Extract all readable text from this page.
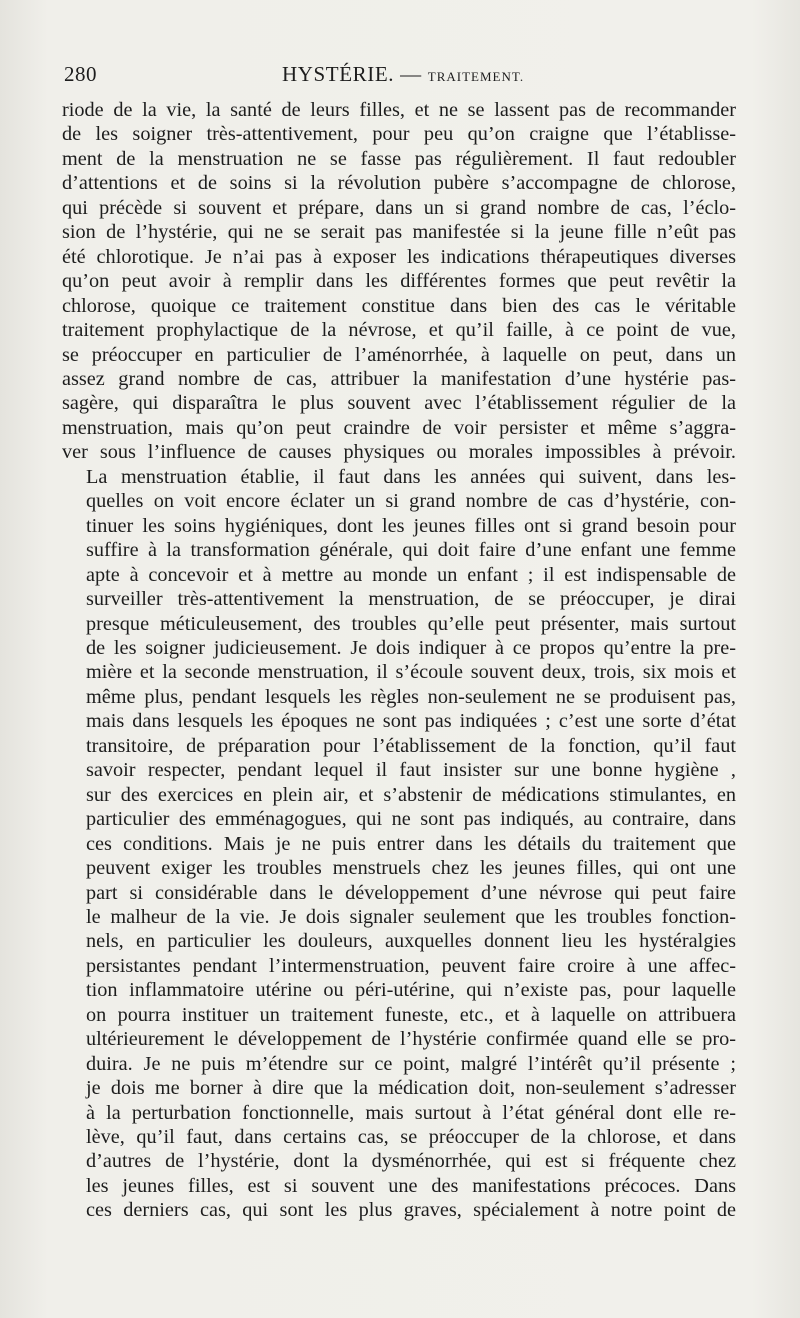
280	HYSTÉRIE. — TRAITEMENT.

riode de la vie, la santé de leurs filles, et ne se lassent pas de recommander
de les soigner très-attentivement, pour peu qu’on craigne que l’établisse-
ment de la menstruation ne se fasse pas régulièrement. Il faut redoubler
d’attentions et de soins si la révolution pubère s’accompagne de chlorose,
qui précède si souvent et prépare, dans un si grand nombre de cas, l’éclo-
sion de l’hystérie, qui ne se serait pas manifestée si la jeune fille n’eût pas
été chlorotique. Je n’ai pas à exposer les indications thérapeutiques diverses
qu’on peut avoir à remplir dans les différentes formes que peut revêtir la
chlorose, quoique ce traitement constitue dans bien des cas le véritable
traitement prophylactique de la névrose, et qu’il faille, à ce point de vue,
se préoccuper en particulier de l’aménorrhée, à laquelle on peut, dans un
assez grand nombre de cas, attribuer la manifestation d’une hystérie pas-
sagère, qui disparaîtra le plus souvent avec l’établissement régulier de la
menstruation, mais qu’on peut craindre de voir persister et même s’aggra-
ver sous l’influence de causes physiques ou morales impossibles à prévoir.

La menstruation établie, il faut dans les années qui suivent, dans les-
quelles on voit encore éclater un si grand nombre de cas d’hystérie, con-
tinuer les soins hygiéniques, dont les jeunes filles ont si grand besoin pour
suffire à la transformation générale, qui doit faire d’une enfant une femme
apte à concevoir et à mettre au monde un enfant ; il est indispensable de
surveiller très-attentivement la menstruation, de se préoccuper, je dirai
presque méticuleusement, des troubles qu’elle peut présenter, mais surtout
de les soigner judicieusement. Je dois indiquer à ce propos qu’entre la pre-
mière et la seconde menstruation, il s’écoule souvent deux, trois, six mois et
même plus, pendant lesquels les règles non-seulement ne se produisent pas,
mais dans lesquels les époques ne sont pas indiquées ; c’est une sorte d’état
transitoire, de préparation pour l’établissement de la fonction, qu’il faut
savoir respecter, pendant lequel il faut insister sur une bonne hygiène ,
sur des exercices en plein air, et s’abstenir de médications stimulantes, en
particulier des emménagogues, qui ne sont pas indiqués, au contraire, dans
ces conditions. Mais je ne puis entrer dans les détails du traitement que
peuvent exiger les troubles menstruels chez les jeunes filles, qui ont une
part si considérable dans le développement d’une névrose qui peut faire
le malheur de la vie. Je dois signaler seulement que les troubles fonction-
nels, en particulier les douleurs, auxquelles donnent lieu les hystéralgies
persistantes pendant l’intermenstruation, peuvent faire croire à une affec-
tion inflammatoire utérine ou péri-utérine, qui n’existe pas, pour laquelle
on pourra instituer un traitement funeste, etc., et à laquelle on attribuera
ultérieurement le développement de l’hystérie confirmée quand elle se pro-
duira. Je ne puis m’étendre sur ce point, malgré l’intérêt qu’il présente ;
je dois me borner à dire que la médication doit, non-seulement s’adresser
à la perturbation fonctionnelle, mais surtout à l’état général dont elle re-
lève, qu’il faut, dans certains cas, se préoccuper de la chlorose, et dans
d’autres de l’hystérie, dont la dysménorrhée, qui est si fréquente chez
les jeunes filles, est si souvent une des manifestations précoces. Dans
ces derniers cas, qui sont les plus graves, spécialement à notre point de
